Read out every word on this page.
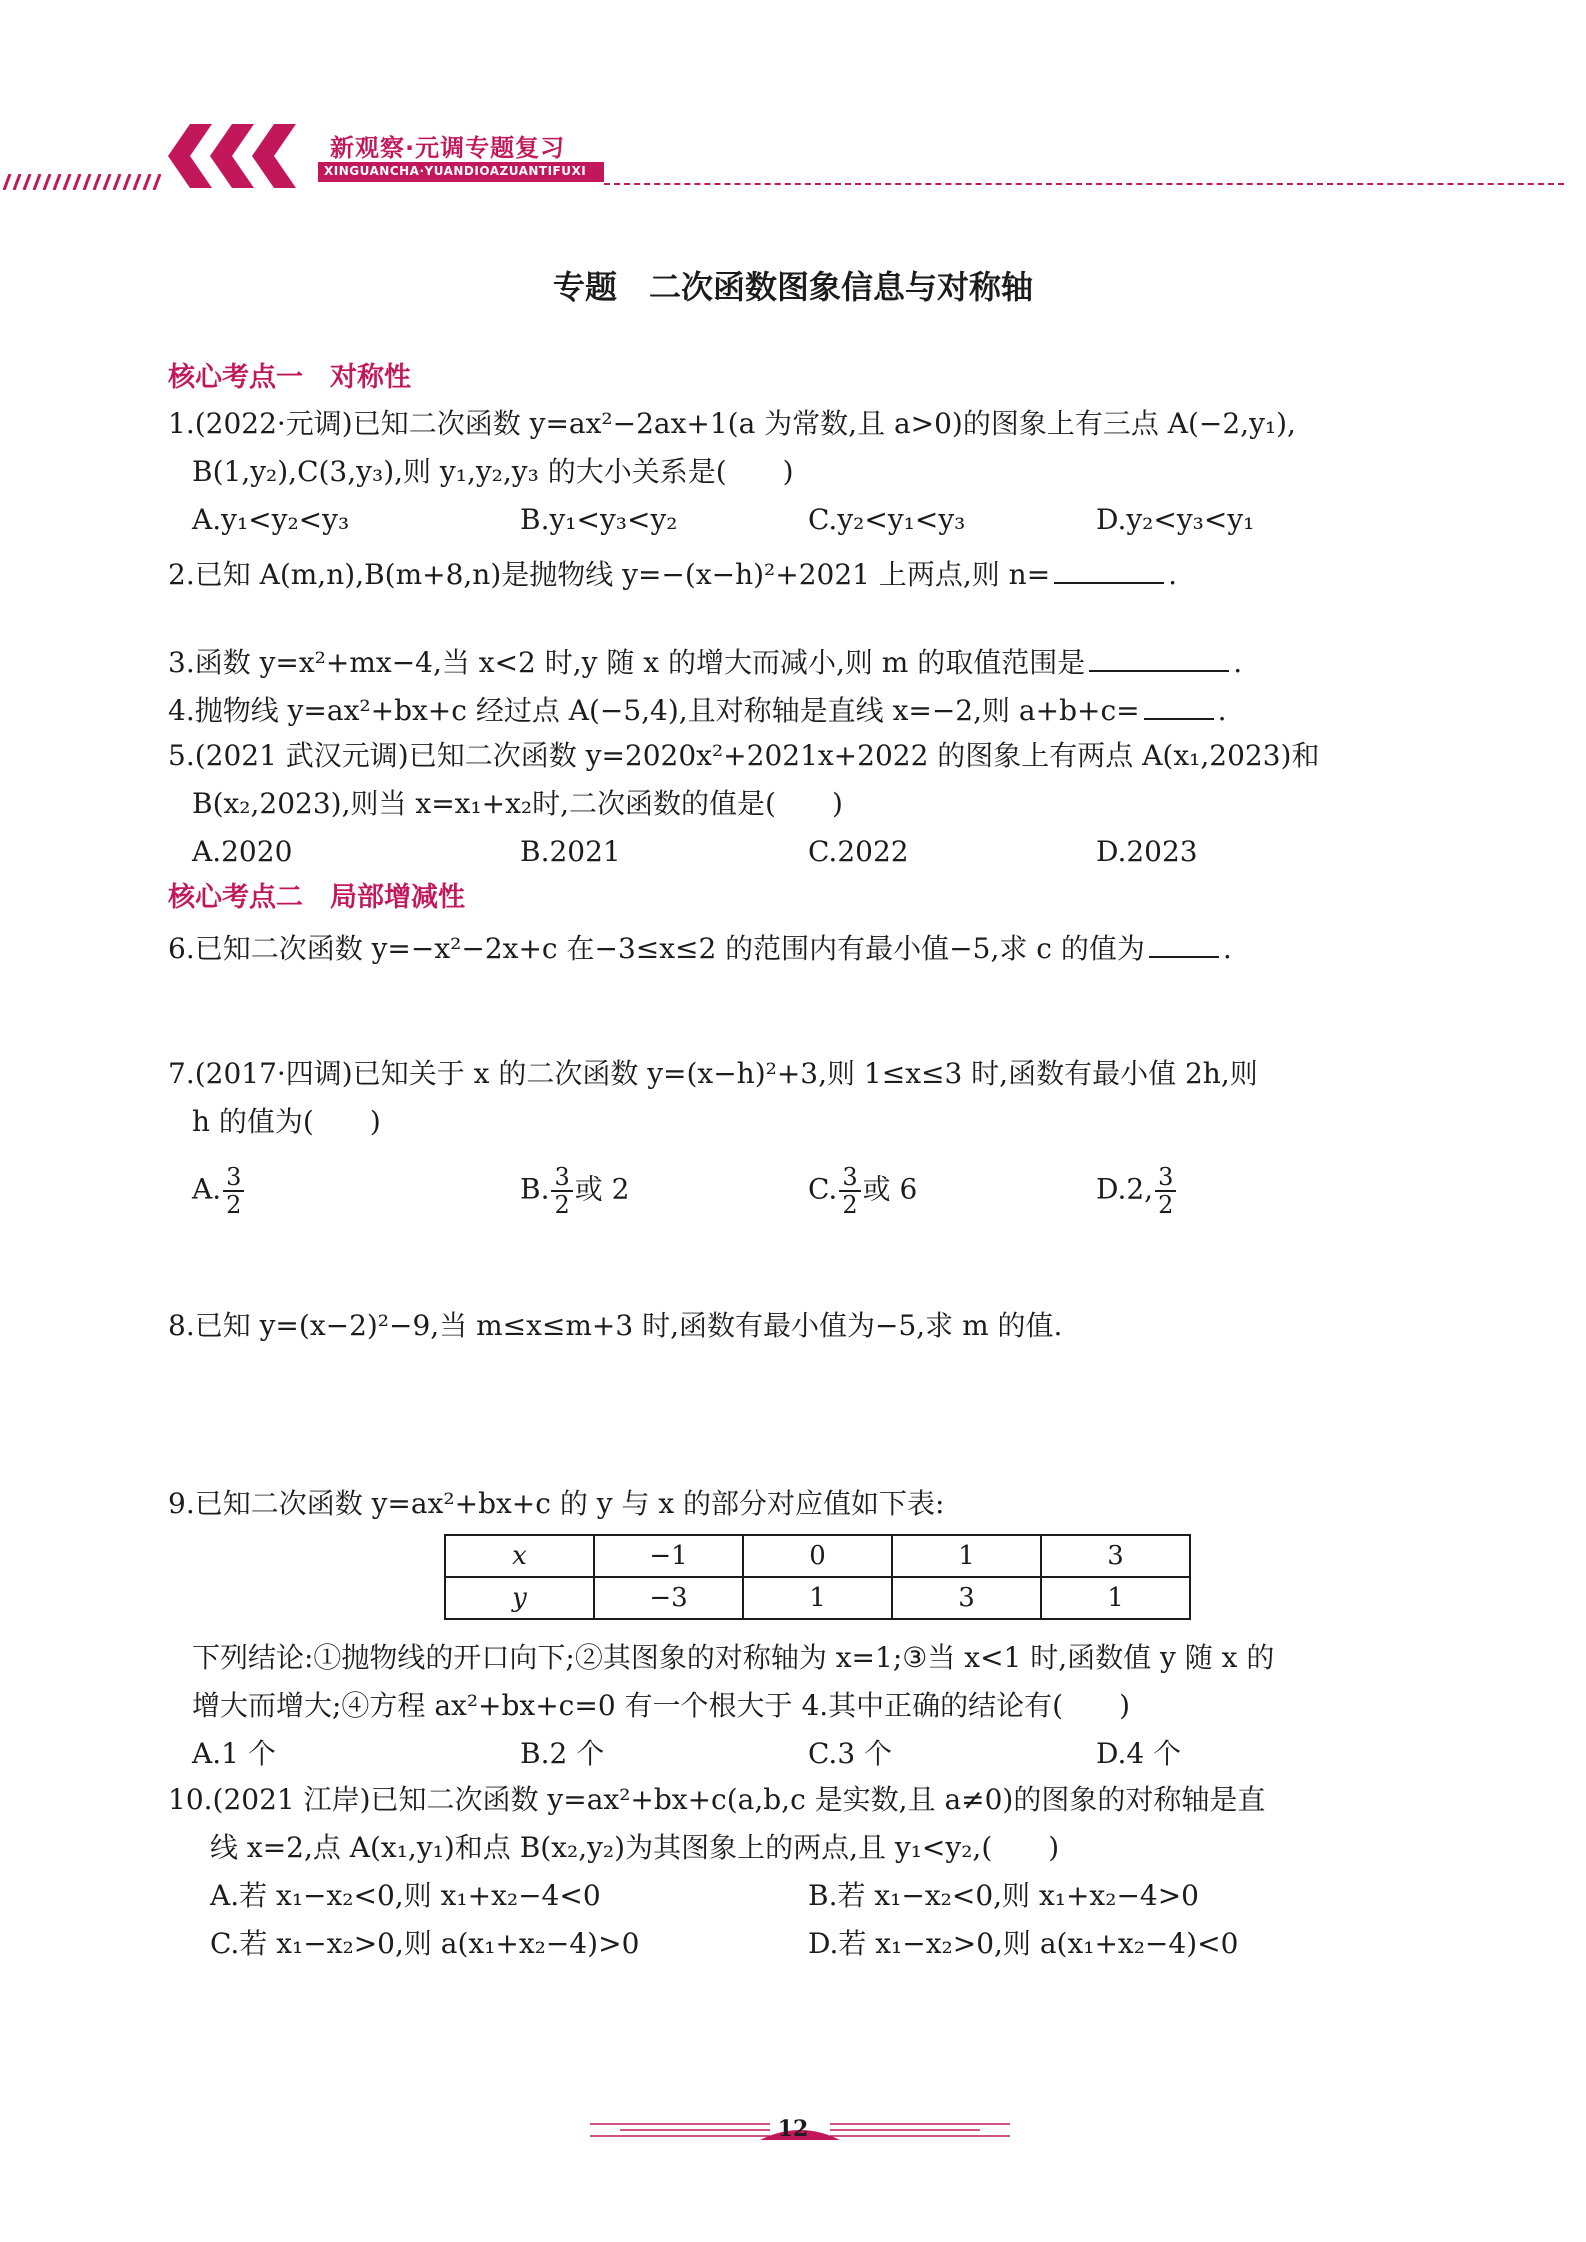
新观察·元调专题复习
XINGUANCHA·YUANDIOAZUANTIFUXI
专题　二次函数图象信息与对称轴
核心考点一　对称性
1.(2022·元调)已知二次函数 y=ax²−2ax+1(a 为常数,且 a>0)的图象上有三点 A(−2,y₁),
B(1,y₂),C(3,y₃),则 y₁,y₂,y₃ 的大小关系是(　　)
A.y₁<y₂<y₃	B.y₁<y₃<y₂	C.y₂<y₁<y₃	D.y₂<y₃<y₁
2.已知 A(m,n),B(m+8,n)是抛物线 y=−(x−h)²+2021 上两点,则 n=	.
3.函数 y=x²+mx−4,当 x<2 时,y 随 x 的增大而减小,则 m 的取值范围是	.
4.抛物线 y=ax²+bx+c 经过点 A(−5,4),且对称轴是直线 x=−2,则 a+b+c=	.
5.(2021 武汉元调)已知二次函数 y=2020x²+2021x+2022 的图象上有两点 A(x₁,2023)和
B(x₂,2023),则当 x=x₁+x₂时,二次函数的值是(　　)
A.2020	B.2021	C.2022	D.2023
核心考点二　局部增减性
6.已知二次函数 y=−x²−2x+c 在−3≤x≤2 的范围内有最小值−5,求 c 的值为	.
7.(2017·四调)已知关于 x 的二次函数 y=(x−h)²+3,则 1≤x≤3 时,函数有最小值 2h,则
h 的值为(　　)
A. $\frac{3}{2}$	B. $\frac{3}{2}$ 或 2	C. $\frac{3}{2}$ 或 6	D.2, $\frac{3}{2}$
8.已知 y=(x−2)²−9,当 m≤x≤m+3 时,函数有最小值为−5,求 m 的值.
9.已知二次函数 y=ax²+bx+c 的 y 与 x 的部分对应值如下表:
x	−1	0	1	3
y	−3	1	3	1
下列结论:①抛物线的开口向下;②其图象的对称轴为 x=1;③当 x<1 时,函数值 y 随 x 的
增大而增大;④方程 ax²+bx+c=0 有一个根大于 4.其中正确的结论有(　　)
A.1 个	B.2 个	C.3 个	D.4 个
10.(2021 江岸)已知二次函数 y=ax²+bx+c(a,b,c 是实数,且 a≠0)的图象的对称轴是直
线 x=2,点 A(x₁,y₁)和点 B(x₂,y₂)为其图象上的两点,且 y₁<y₂,(　　)
A.若 x₁−x₂<0,则 x₁+x₂−4<0	B.若 x₁−x₂<0,则 x₁+x₂−4>0
C.若 x₁−x₂>0,则 a(x₁+x₂−4)>0	D.若 x₁−x₂>0,则 a(x₁+x₂−4)<0
12
